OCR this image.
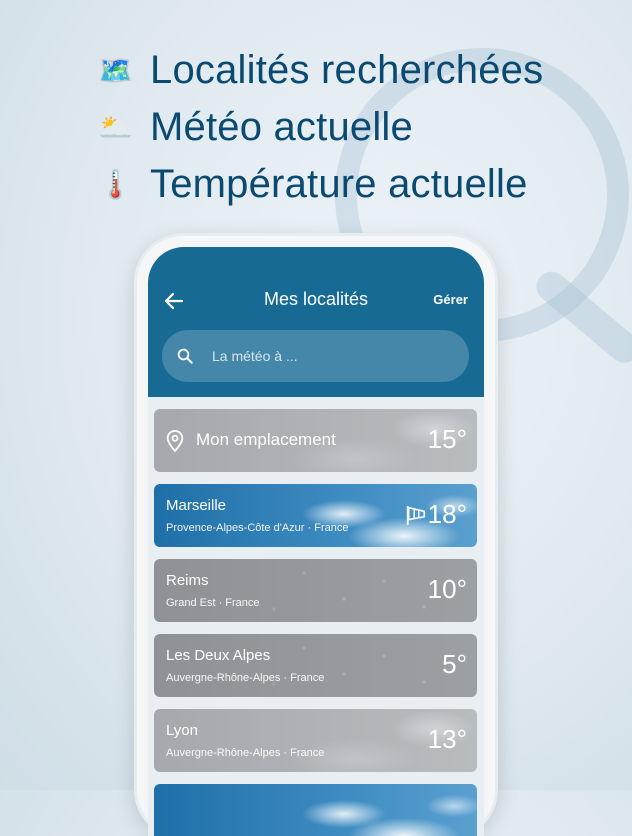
🗺️ Localités recherchées
🌥️ Météo actuelle
🌡️ Température actuelle
Mes localités	Gérer
La météo à ...
Mon emplacement	15°
Marseille
Provence-Alpes-Côte d'Azur · France	18°
Reims
Grand Est · France	10°
Les Deux Alpes
Auvergne-Rhône-Alpes · France	5°
Lyon
Auvergne-Rhône-Alpes · France	13°
